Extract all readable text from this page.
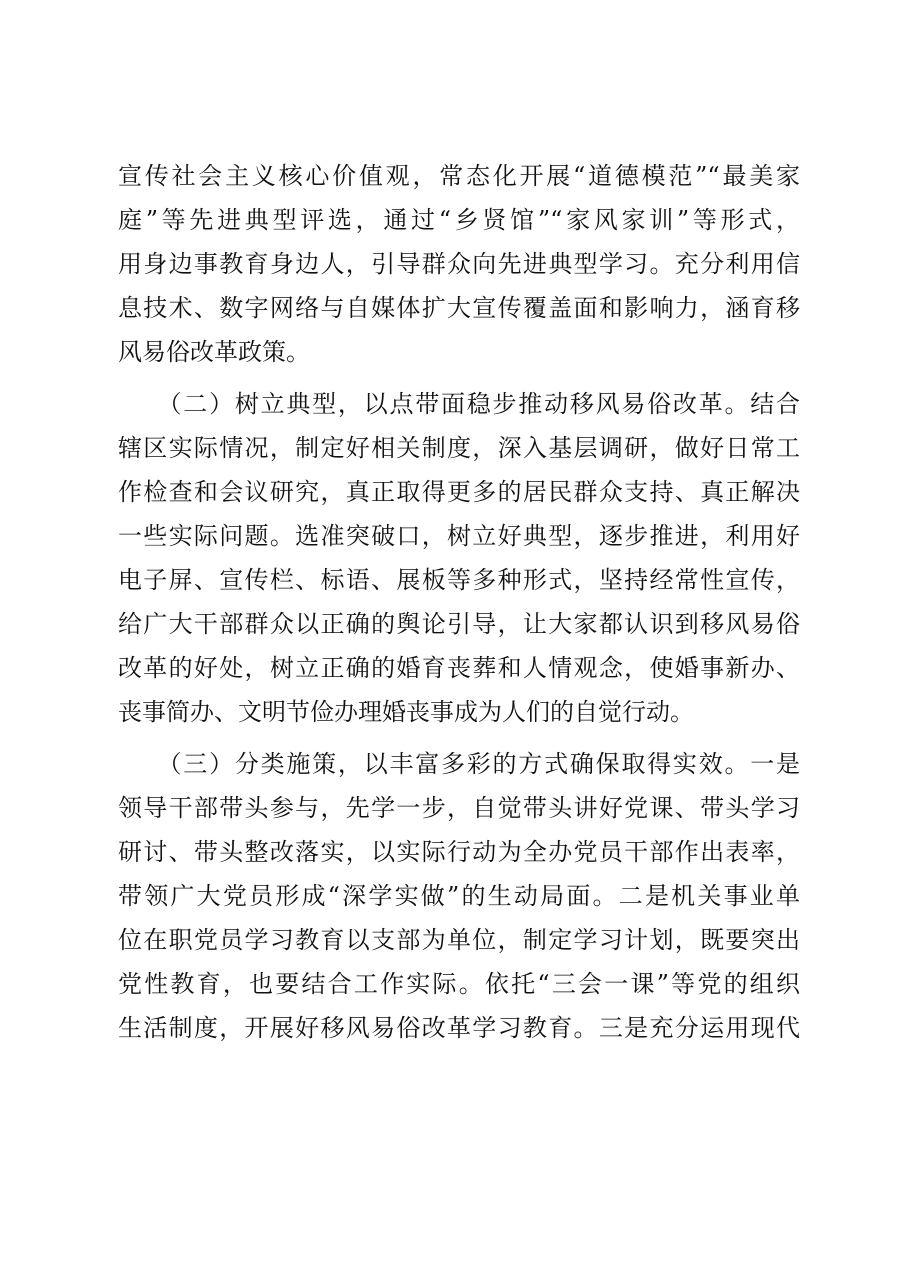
宣传社会主义核心价值观，常态化开展“道德模范”“最美家
庭”等先进典型评选，通过“乡贤馆”“家风家训”等形式，
用身边事教育身边人，引导群众向先进典型学习。充分利用信
息技术、数字网络与自媒体扩大宣传覆盖面和影响力，涵育移
风易俗改革政策。
　　（二）树立典型，以点带面稳步推动移风易俗改革。结合
辖区实际情况，制定好相关制度，深入基层调研，做好日常工
作检查和会议研究，真正取得更多的居民群众支持、真正解决
一些实际问题。选准突破口，树立好典型，逐步推进，利用好
电子屏、宣传栏、标语、展板等多种形式，坚持经常性宣传，
给广大干部群众以正确的舆论引导，让大家都认识到移风易俗
改革的好处，树立正确的婚育丧葬和人情观念，使婚事新办、
丧事简办、文明节俭办理婚丧事成为人们的自觉行动。
　　（三）分类施策，以丰富多彩的方式确保取得实效。一是
领导干部带头参与，先学一步，自觉带头讲好党课、带头学习
研讨、带头整改落实，以实际行动为全办党员干部作出表率，
带领广大党员形成“深学实做”的生动局面。二是机关事业单
位在职党员学习教育以支部为单位，制定学习计划，既要突出
党性教育，也要结合工作实际。依托“三会一课”等党的组织
生活制度，开展好移风易俗改革学习教育。三是充分运用现代
